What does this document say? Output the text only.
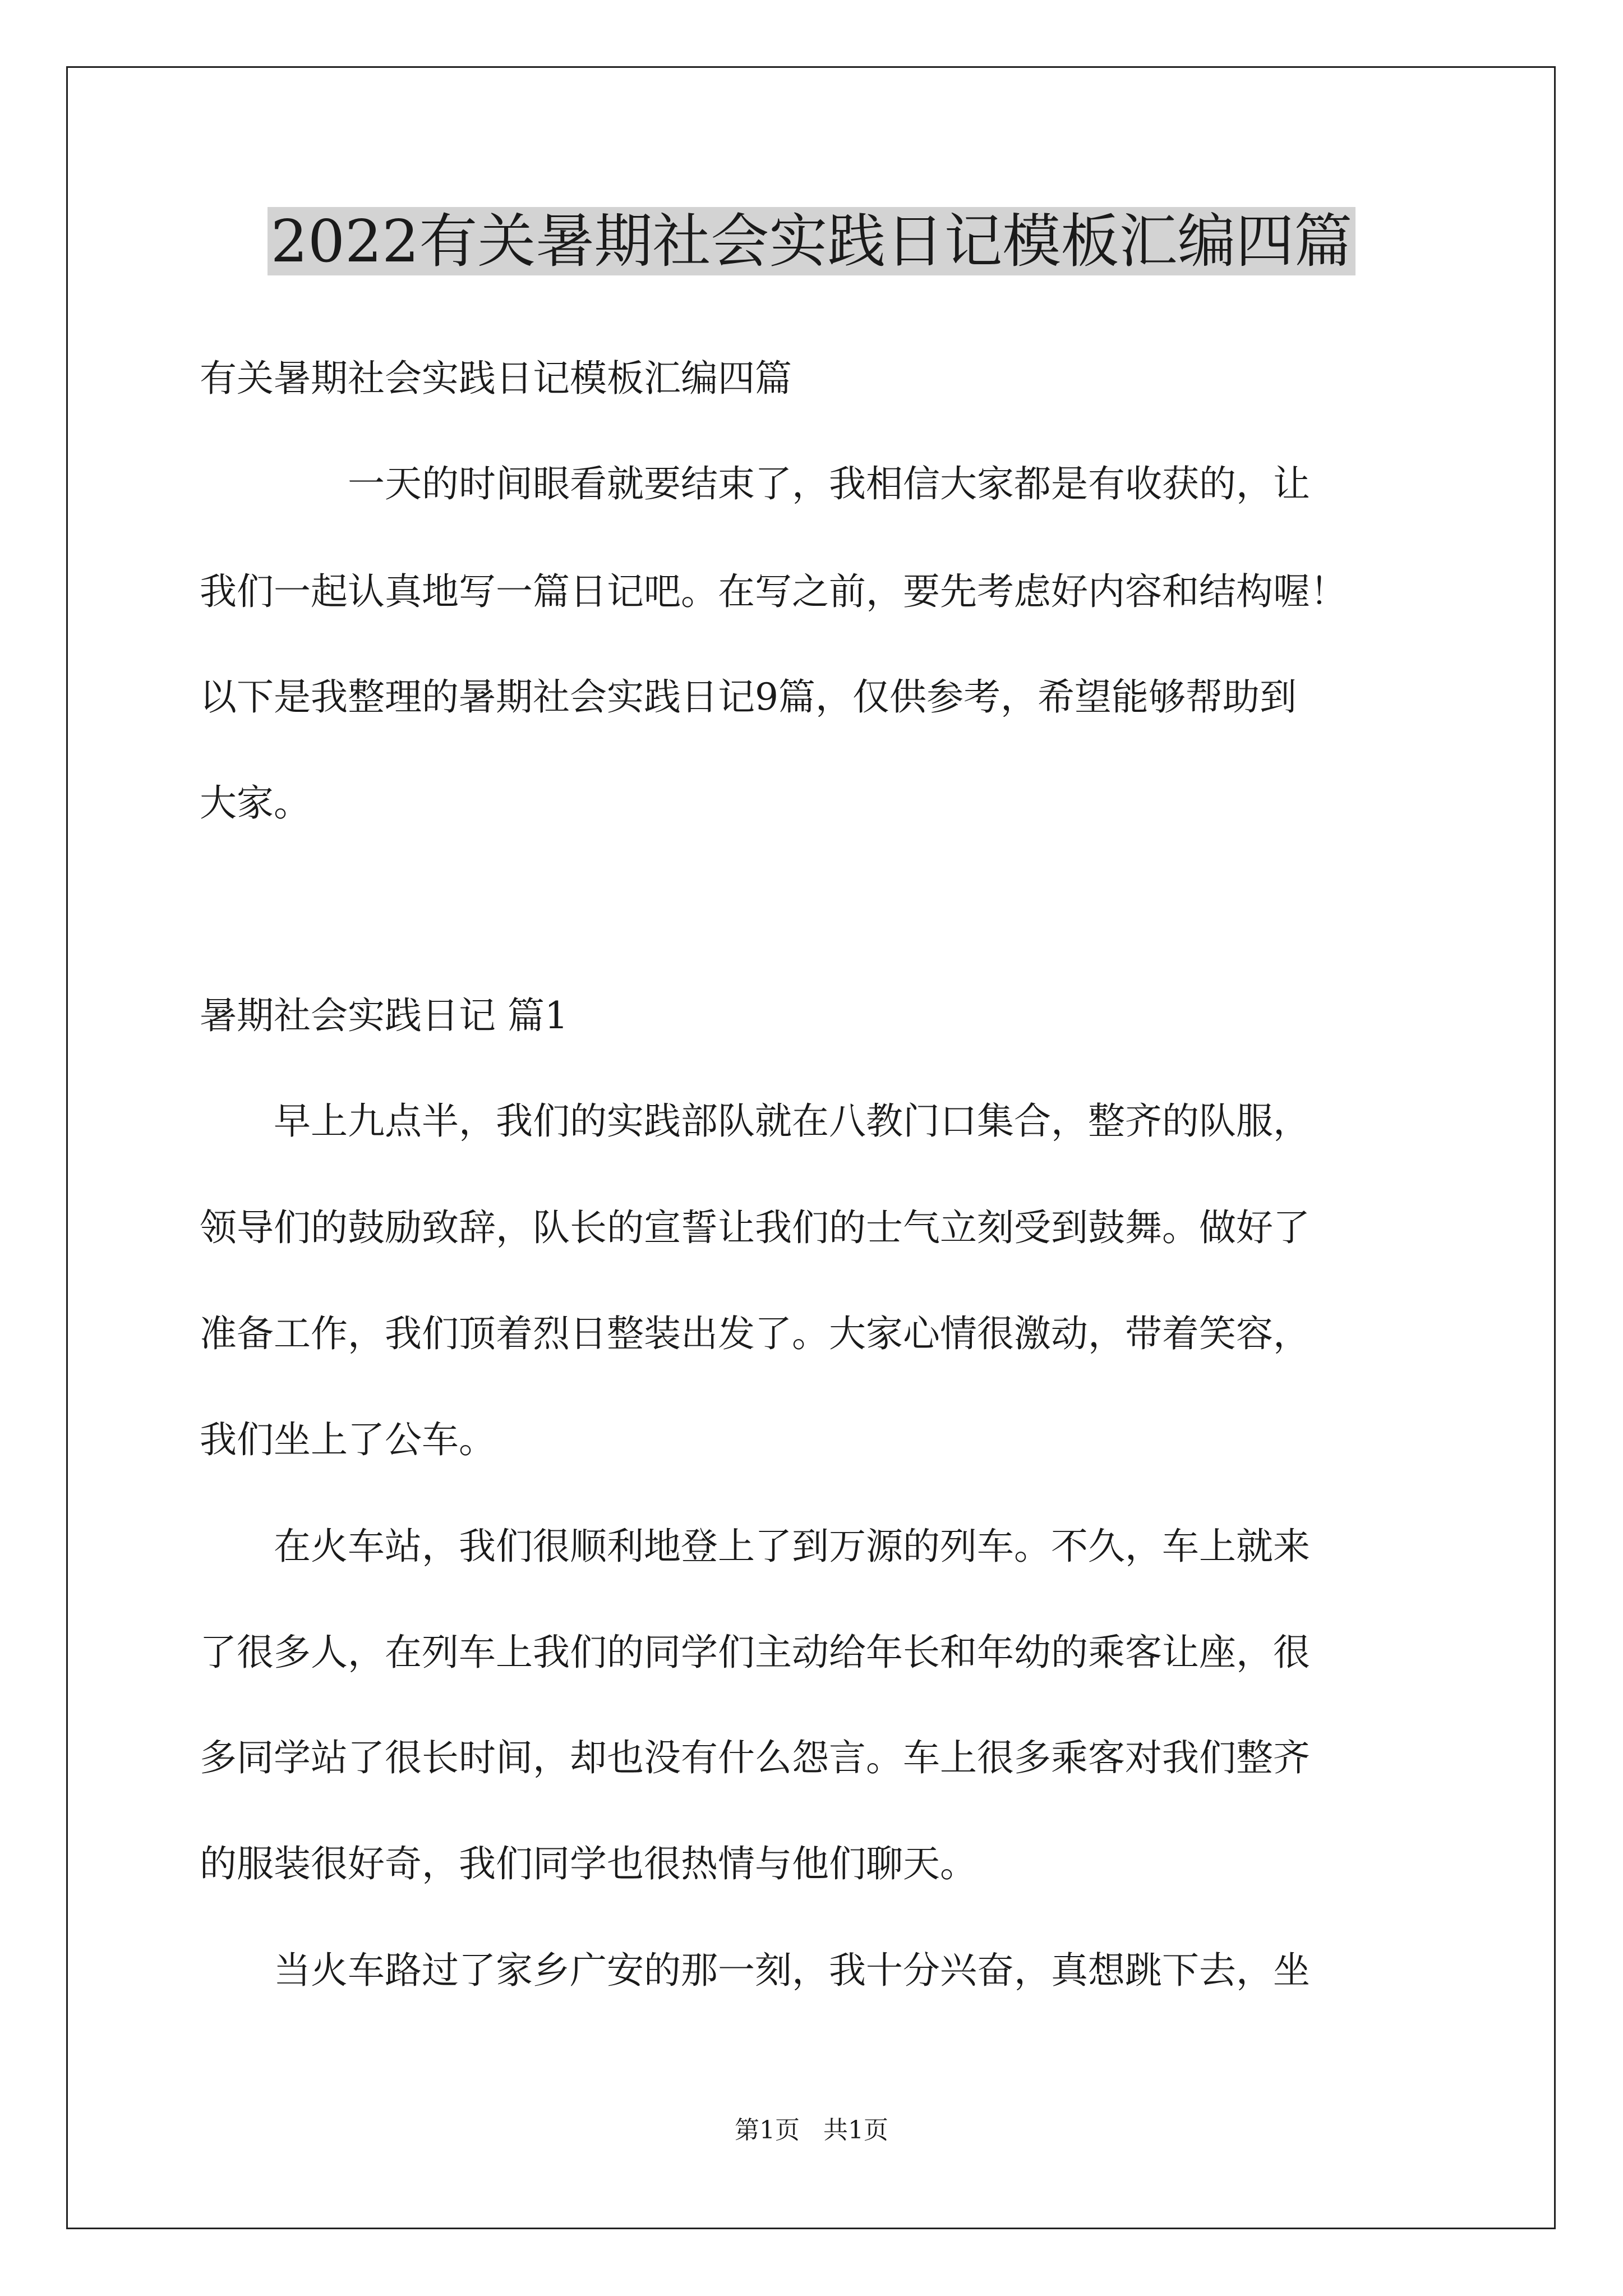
2022有关暑期社会实践日记模板汇编四篇

有关暑期社会实践日记模板汇编四篇

　　　　一天的时间眼看就要结束了，我相信大家都是有收获的，让

我们一起认真地写一篇日记吧。在写之前，要先考虑好内容和结构喔！

以下是我整理的暑期社会实践日记9篇，仅供参考，希望能够帮助到

大家。

暑期社会实践日记 篇1

　　早上九点半，我们的实践部队就在八教门口集合，整齐的队服，

领导们的鼓励致辞，队长的宣誓让我们的士气立刻受到鼓舞。做好了

准备工作，我们顶着烈日整装出发了。大家心情很激动，带着笑容，

我们坐上了公车。

　　在火车站，我们很顺利地登上了到万源的列车。不久，车上就来

了很多人，在列车上我们的同学们主动给年长和年幼的乘客让座，很

多同学站了很长时间，却也没有什么怨言。车上很多乘客对我们整齐

的服装很好奇，我们同学也很热情与他们聊天。

　　当火车路过了家乡广安的那一刻，我十分兴奋，真想跳下去，坐

第1页   共1页
